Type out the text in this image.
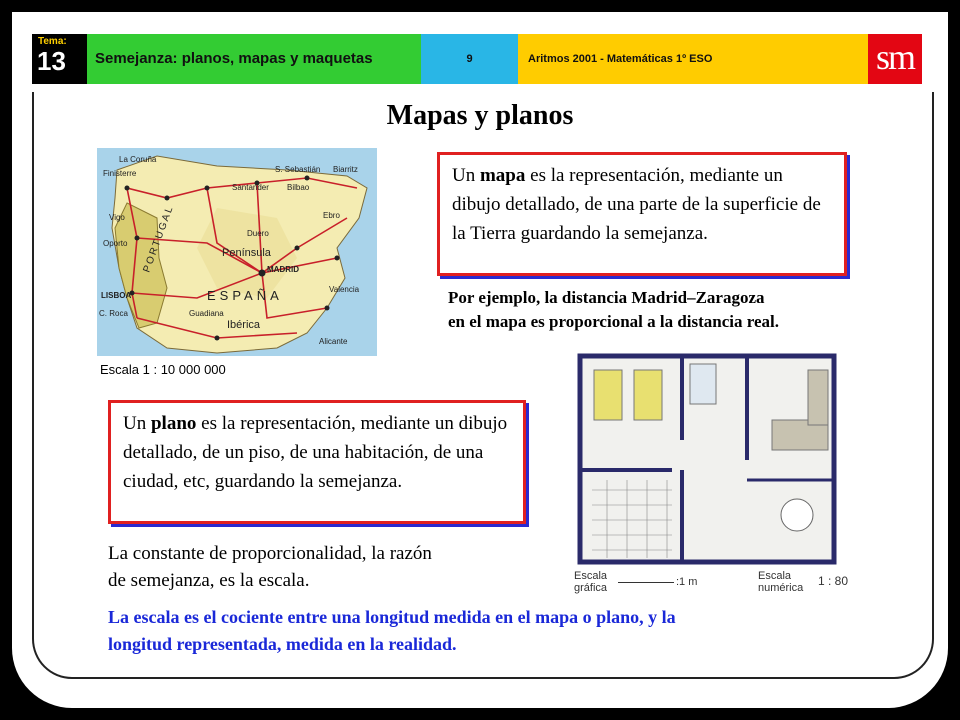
Tema:
13	Semejanza: planos, mapas y maquetas	9	Aritmos 2001 - Matemáticas 1º ESO	sm
Mapas y planos
La Coruña
Finisterre
Vigo
Oporto
LISBOA
C. Roca
Santander
S. Sebastián
Bilbao
Biarritz
Duero
Península
MADRID
ESPAÑA
Ibérica
Alicante
Valencia
Ebro
Guadiana
PORTUGAL
Escala 1 : 10 000 000
Un mapa es la representación, mediante un dibujo detallado, de una parte de la superficie de la Tierra guardando la semejanza.
Por ejemplo, la distancia Madrid–Zaragoza
en el mapa es proporcional a la distancia real.
Escala gráfica	:1 m	Escala numérica	1 : 80
Un plano es la representación, mediante un dibujo detallado, de un piso, de una habitación, de una ciudad, etc, guardando la semejanza.
La constante de proporcionalidad, la razón
de semejanza, es la escala.
La escala es el cociente entre una longitud medida en el mapa o plano, y la
longitud representada, medida en la realidad.
